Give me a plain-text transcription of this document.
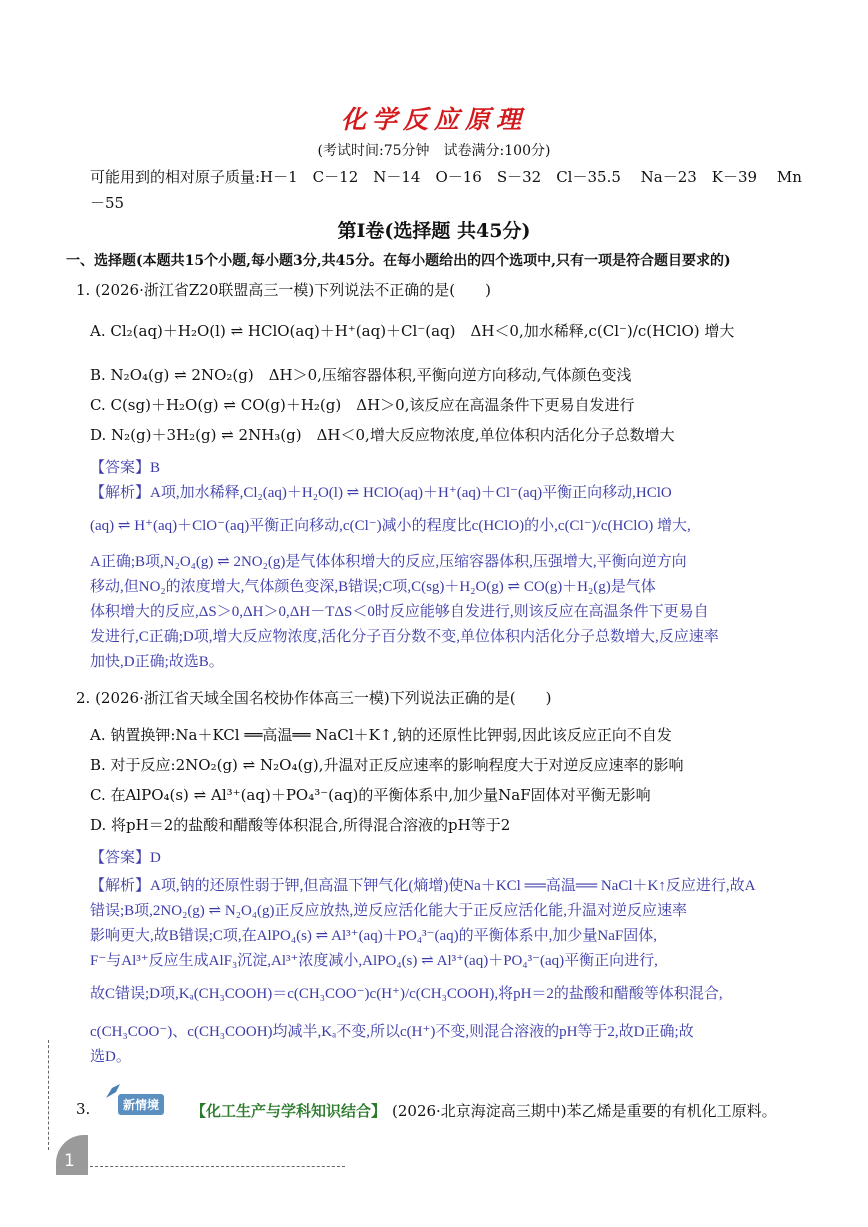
化学反应原理
(考试时间:75分钟　试卷满分:100分)
可能用到的相对原子质量:H－1　C－12　N－14　O－16　S－32　Cl－35.5　 Na－23　K－39　 Mn
－55
第Ⅰ卷(选择题 共45分)
一、选择题(本题共15个小题,每小题3分,共45分。在每小题给出的四个选项中,只有一项是符合题目要求的)
1. (2026·浙江省Z20联盟高三一模)下列说法不正确的是(　　)
A. Cl₂(aq)＋H₂O(l) ⇌ HClO(aq)＋H⁺(aq)＋Cl⁻(aq)　ΔH＜0,加水稀释,c(Cl⁻)/c(HClO) 增大
B. N₂O₄(g) ⇌ 2NO₂(g)　ΔH＞0,压缩容器体积,平衡向逆方向移动,气体颜色变浅
C. C(sg)＋H₂O(g) ⇌ CO(g)＋H₂(g)　ΔH＞0,该反应在高温条件下更易自发进行
D. N₂(g)＋3H₂(g) ⇌ 2NH₃(g)　ΔH＜0,增大反应物浓度,单位体积内活化分子总数增大
【答案】B
【解析】A项,加水稀释,Cl₂(aq)＋H₂O(l) ⇌ HClO(aq)＋H⁺(aq)＋Cl⁻(aq)平衡正向移动,HClO
(aq) ⇌ H⁺(aq)＋ClO⁻(aq)平衡正向移动,c(Cl⁻)减小的程度比c(HClO)的小,c(Cl⁻)/c(HClO) 增大,
A正确;B项,N₂O₄(g) ⇌ 2NO₂(g)是气体体积增大的反应,压缩容器体积,压强增大,平衡向逆方向
移动,但NO₂的浓度增大,气体颜色变深,B错误;C项,C(sg)＋H₂O(g) ⇌ CO(g)＋H₂(g)是气体
体积增大的反应,ΔS＞0,ΔH＞0,ΔH－TΔS＜0时反应能够自发进行,则该反应在高温条件下更易自
发进行,C正确;D项,增大反应物浓度,活化分子百分数不变,单位体积内活化分子总数增大,反应速率
加快,D正确;故选B。
2. (2026·浙江省天域全国名校协作体高三一模)下列说法正确的是(　　)
A. 钠置换钾:Na＋KCl ══高温══ NaCl＋K↑,钠的还原性比钾弱,因此该反应正向不自发
B. 对于反应:2NO₂(g) ⇌ N₂O₄(g),升温对正反应速率的影响程度大于对逆反应速率的影响
C. 在AlPO₄(s) ⇌ Al³⁺(aq)＋PO₄³⁻(aq)的平衡体系中,加少量NaF固体对平衡无影响
D. 将pH＝2的盐酸和醋酸等体积混合,所得混合溶液的pH等于2
【答案】D
【解析】A项,钠的还原性弱于钾,但高温下钾气化(熵增)使Na＋KCl ══高温══ NaCl＋K↑反应进行,故A
错误;B项,2NO₂(g) ⇌ N₂O₄(g)正反应放热,逆反应活化能大于正反应活化能,升温对逆反应速率
影响更大,故B错误;C项,在AlPO₄(s) ⇌ Al³⁺(aq)＋PO₄³⁻(aq)的平衡体系中,加少量NaF固体,
F⁻与Al³⁺反应生成AlF₃沉淀,Al³⁺浓度减小,AlPO₄(s) ⇌ Al³⁺(aq)＋PO₄³⁻(aq)平衡正向进行,
故C错误;D项,Kₐ(CH₃COOH)＝c(CH₃COO⁻)c(H⁺)/c(CH₃COOH),将pH＝2的盐酸和醋酸等体积混合,
c(CH₃COO⁻)、c(CH₃COOH)均减半,Kₐ不变,所以c(H⁺)不变,则混合溶液的pH等于2,故D正确;故
选D。
3.	新情境	【化工生产与学科知识结合】 (2026·北京海淀高三期中)苯乙烯是重要的有机化工原料。
1
